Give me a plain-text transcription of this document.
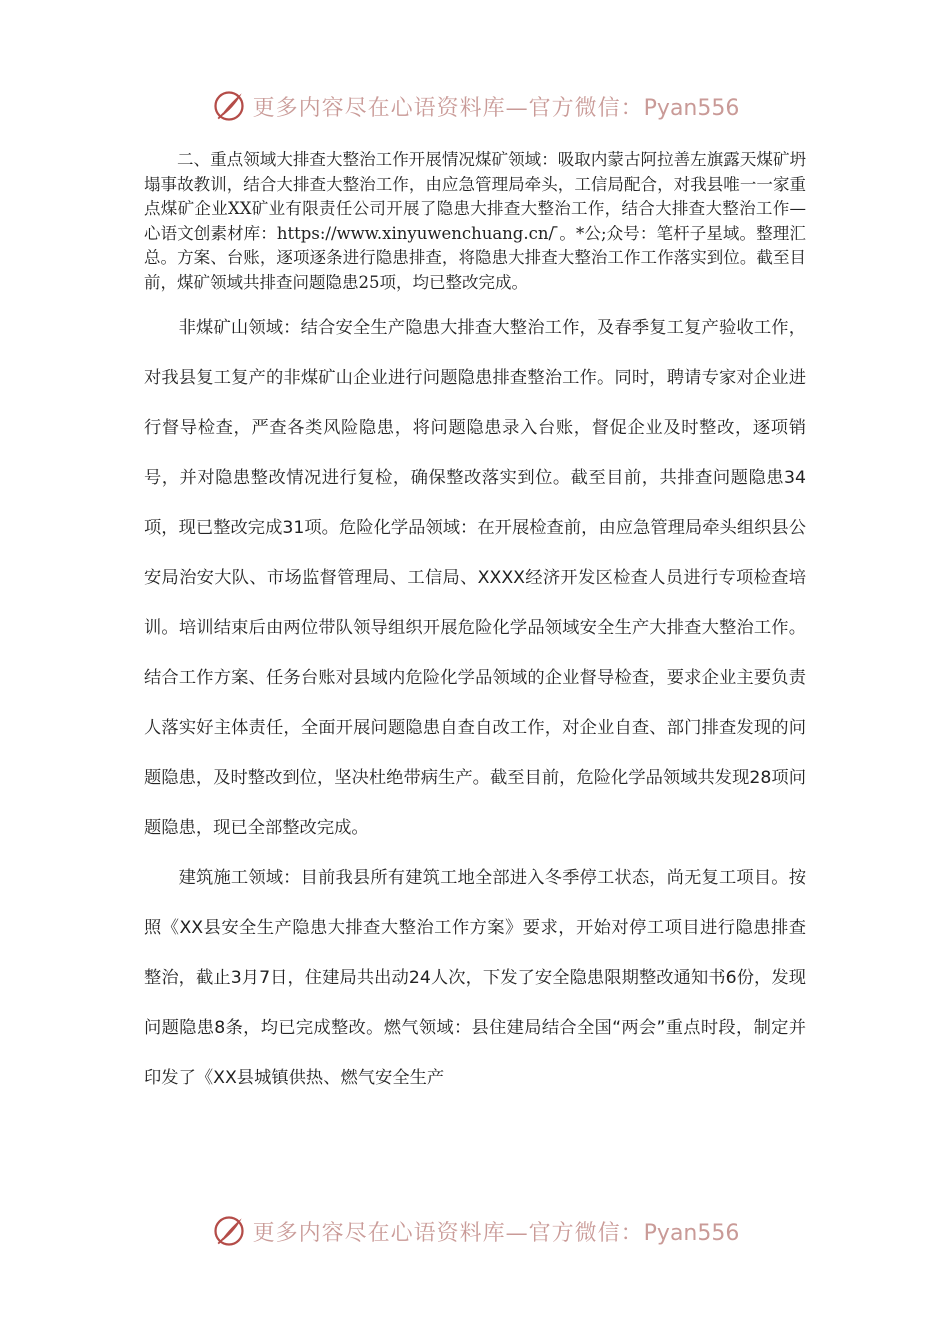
更多内容尽在心语资料库—官方微信：Pyan556

二、重点领域大排查大整治工作开展情况煤矿领域：吸取内蒙古阿拉善左旗露天煤矿坍塌事故教训，结合大排查大整治工作，由应急管理局牵头，工信局配合，对我县唯一一家重点煤矿企业XX矿业有限责任公司开展了隐患大排查大整治工作，结合大排查大整治工作—心语文创素材库：https://www.xinyuwenchuang.cn/ ̄。*公;众号：笔杆子星域。整理汇总。方案、台账，逐项逐条进行隐患排查，将隐患大排查大整治工作工作落实到位。截至目前，煤矿领域共排查问题隐患25项，均已整改完成。

非煤矿山领域：结合安全生产隐患大排查大整治工作，及春季复工复产验收工作，对我县复工复产的非煤矿山企业进行问题隐患排查整治工作。同时，聘请专家对企业进行督导检查，严查各类风险隐患，将问题隐患录入台账，督促企业及时整改，逐项销号，并对隐患整改情况进行复检，确保整改落实到位。截至目前，共排查问题隐患34项，现已整改完成31项。危险化学品领域：在开展检查前，由应急管理局牵头组织县公安局治安大队、市场监督管理局、工信局、XXXX经济开发区检查人员进行专项检查培训。培训结束后由两位带队领导组织开展危险化学品领域安全生产大排查大整治工作。结合工作方案、任务台账对县域内危险化学品领域的企业督导检查，要求企业主要负责人落实好主体责任，全面开展问题隐患自查自改工作，对企业自查、部门排查发现的问题隐患，及时整改到位，坚决杜绝带病生产。截至目前，危险化学品领域共发现28项问题隐患，现已全部整改完成。

建筑施工领域：目前我县所有建筑工地全部进入冬季停工状态，尚无复工项目。按照《XX县安全生产隐患大排查大整治工作方案》要求，开始对停工项目进行隐患排查整治，截止3月7日，住建局共出动24人次，下发了安全隐患限期整改通知书6份，发现问题隐患8条，均已完成整改。燃气领域：县住建局结合全国“两会”重点时段，制定并印发了《XX县城镇供热、燃气安全生产

更多内容尽在心语资料库—官方微信：Pyan556
